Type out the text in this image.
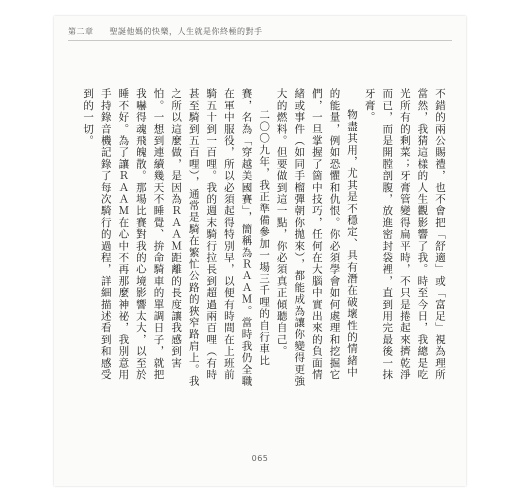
第二章 聖誕他媽的快樂，人生就是你終極的對手

不錯的兩公賜禮，也不會把「舒適」或「富足」視為理所當然，我猜這樣的人生觀影響了我。時至今日，我總是吃光所有的剩菜；牙膏管變得扁平時，不只是捲起來擠乾淨而已，而是開膛剖腹，放進密封袋裡，直到用完最後一抹牙膏。

物盡其用，尤其是不穩定、具有潛在破壞性的情緒中的能量，例如恐懼和仇恨。你必須學會如何處理和挖掘它們，一旦掌握了箇中技巧，任何在大腦中實出來的負面情緒或事件（如同手榴彈朝你拋來），都能成為讓你變得更強大的燃料。但要做到這一點，你必須真正傾聽自己。

二〇〇九年，我正準備參加一場三千哩的自行車比賽，名為「穿越美國賽」，簡稱為ＲＡＡＭ。當時我仍全職在軍中服役，所以必須起得特別早，以便有時間在上班前騎五十到一百哩。我的週末騎行拉長到超過兩百哩（有時甚至騎到五百哩），通常是騎在繁忙公路的狹窄路肩上。我之所以這麼做，是因為ＲＡＡＭ距離的長度讓我感到害怕。一想到連續幾天不睡覺、拚命騎車的單調日子，就把我嚇得魂飛魄散。那場比賽對我的心境影響太大，以至於睡不好。為了讓ＲＡＡＭ在心中不再那麼神祕，我別意用手持錄音機記錄了每次騎行的過程，詳細描述看到和感受到的一切。

065
